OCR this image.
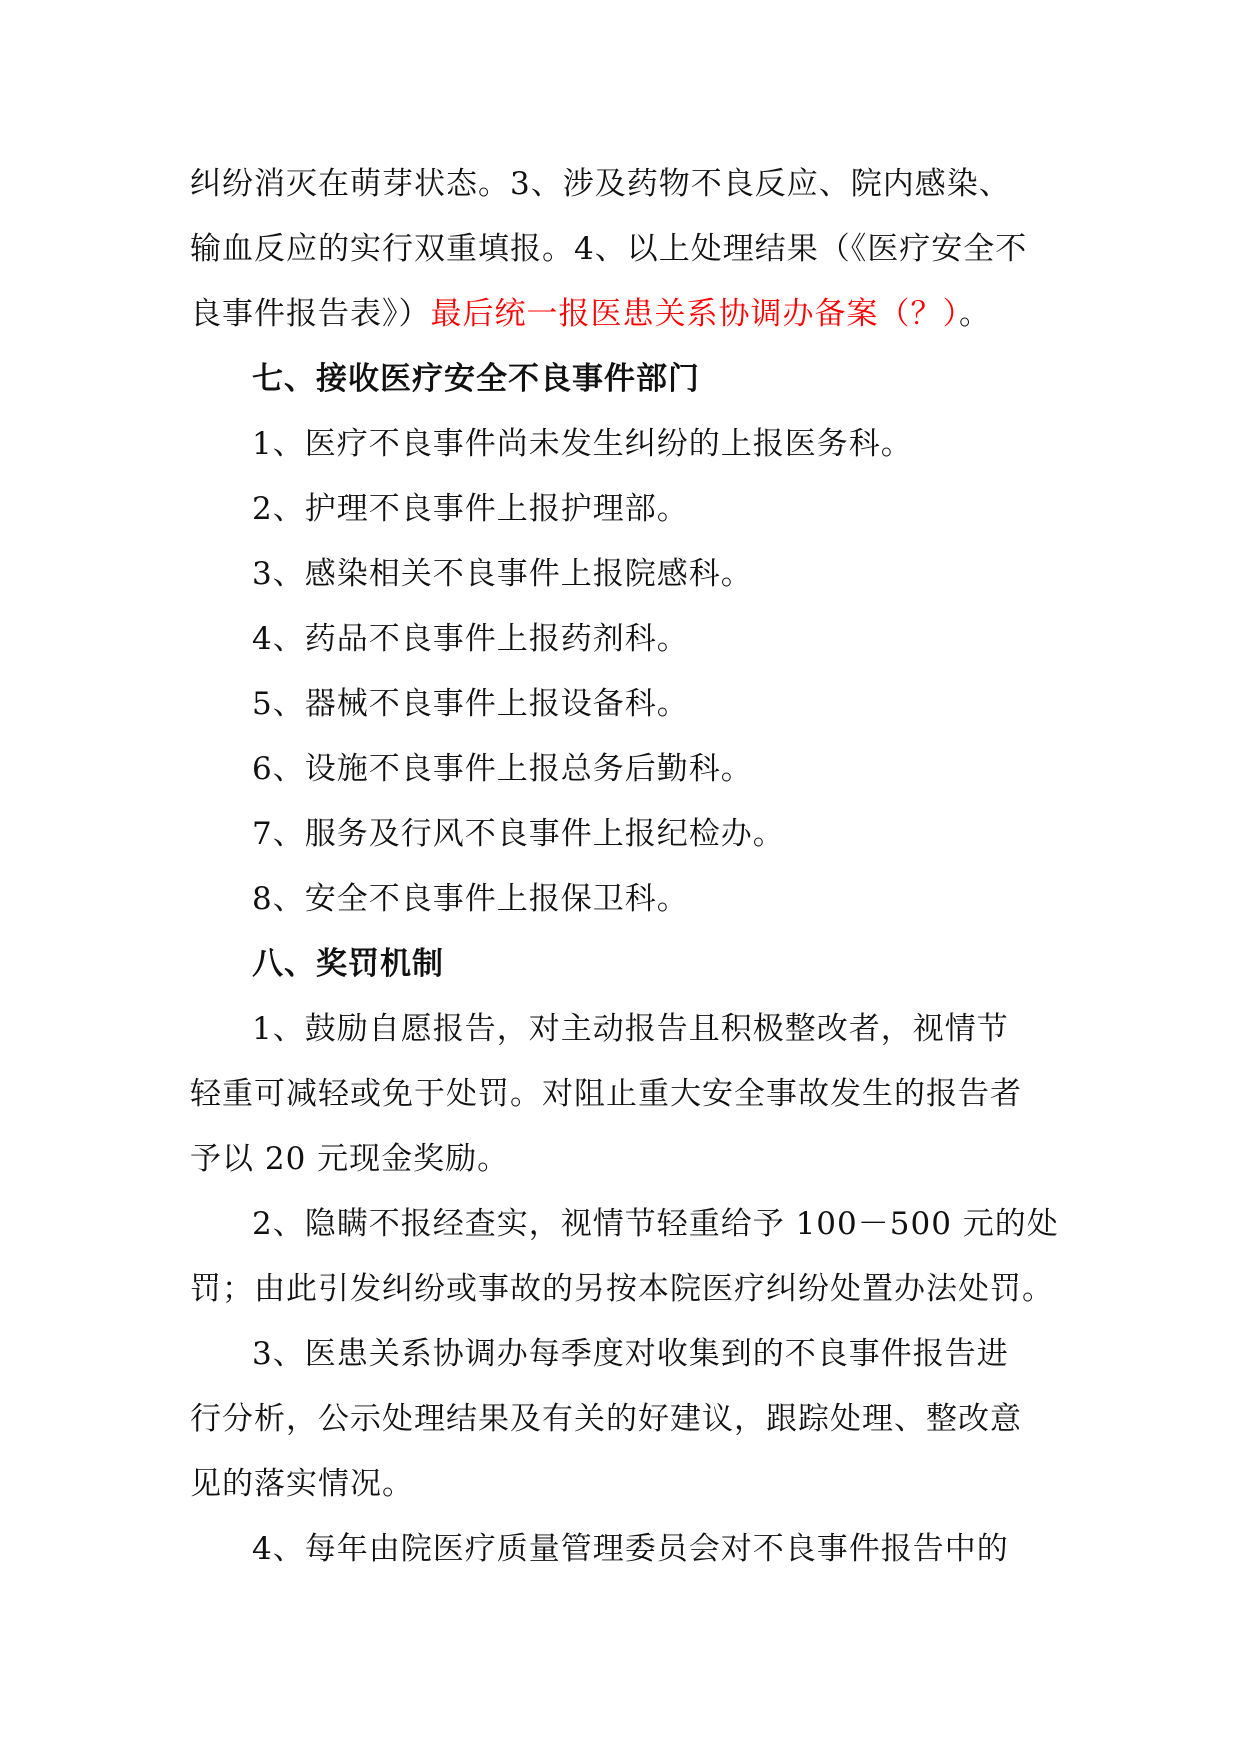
纠纷消灭在萌芽状态。3、涉及药物不良反应、院内感染、

输血反应的实行双重填报。4、以上处理结果（《医疗安全不

良事件报告表》）最后统一报医患关系协调办备案（？）。

七、接收医疗安全不良事件部门

1、医疗不良事件尚未发生纠纷的上报医务科。

2、护理不良事件上报护理部。

3、感染相关不良事件上报院感科。

4、药品不良事件上报药剂科。

5、器械不良事件上报设备科。

6、设施不良事件上报总务后勤科。

7、服务及行风不良事件上报纪检办。

8、安全不良事件上报保卫科。

八、奖罚机制

1、鼓励自愿报告，对主动报告且积极整改者，视情节

轻重可减轻或免于处罚。对阻止重大安全事故发生的报告者

予以 20 元现金奖励。

2、隐瞒不报经查实，视情节轻重给予 100－500 元的处

罚；由此引发纠纷或事故的另按本院医疗纠纷处置办法处罚。

3、医患关系协调办每季度对收集到的不良事件报告进

行分析，公示处理结果及有关的好建议，跟踪处理、整改意

见的落实情况。

4、每年由院医疗质量管理委员会对不良事件报告中的
